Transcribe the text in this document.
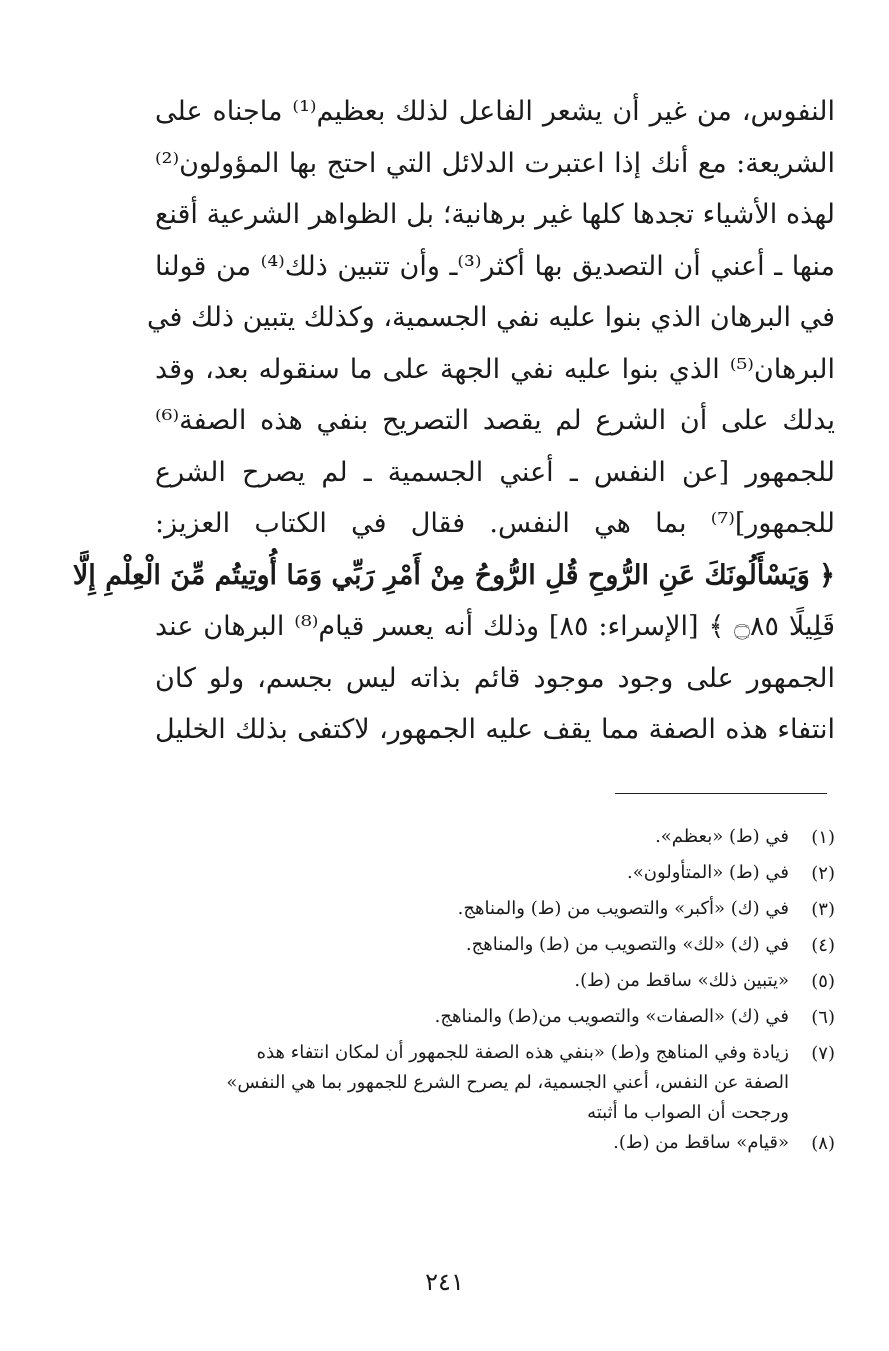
النفوس، من غير أن يشعر الفاعل لذلك بعظيم⁽¹⁾ ماجناه على
الشريعة: مع أنك إذا اعتبرت الدلائل التي احتج بها المؤولون⁽²⁾
لهذه الأشياء تجدها كلها غير برهانية؛ بل الظواهر الشرعية أقنع
منها ـ أعني أن التصديق بها أكثر⁽³⁾ـ وأن تتبين ذلك⁽⁴⁾ من قولنا
في البرهان الذي بنوا عليه نفي الجسمية، وكذلك يتبين ذلك في
البرهان⁽⁵⁾ الذي بنوا عليه نفي الجهة على ما سنقوله بعد، وقد
يدلك على أن الشرع لم يقصد التصريح بنفي هذه الصفة⁽⁶⁾
للجمهور [عن النفس ـ أعني الجسمية ـ لم يصرح الشرع
للجمهور]⁽⁷⁾ بما هي النفس. فقال في الكتاب العزيز:
﴿ وَيَسْأَلُونَكَ عَنِ الرُّوحِ قُلِ الرُّوحُ مِنْ أَمْرِ رَبِّي وَمَا أُوتِيتُم مِّنَ الْعِلْمِ إِلَّا
قَلِيلًا ۝٨٥ ﴾ [الإسراء: ٨٥] وذلك أنه يعسر قيام⁽⁸⁾ البرهان عند
الجمهور على وجود موجود قائم بذاته ليس بجسم، ولو كان
انتفاء هذه الصفة مما يقف عليه الجمهور، لاكتفى بذلك الخليل
(١)
في (ط) «بعظم».
(٢)
في (ط) «المتأولون».
(٣)
في (ك) «أكبر» والتصويب من (ط) والمناهج.
(٤)
في (ك) «لك» والتصويب من (ط) والمناهج.
(٥)
«يتبين ذلك» ساقط من (ط).
(٦)
في (ك) «الصفات» والتصويب من(ط) والمناهج.
(٧)
زيادة وفي المناهج و(ط) «بنفي هذه الصفة للجمهور أن لمكان انتفاء هذه
الصفة عن النفس، أعني الجسمية، لم يصرح الشرع للجمهور بما هي النفس»
ورجحت أن الصواب ما أثبته
(٨)
«قيام» ساقط من (ط).
٢٤١
